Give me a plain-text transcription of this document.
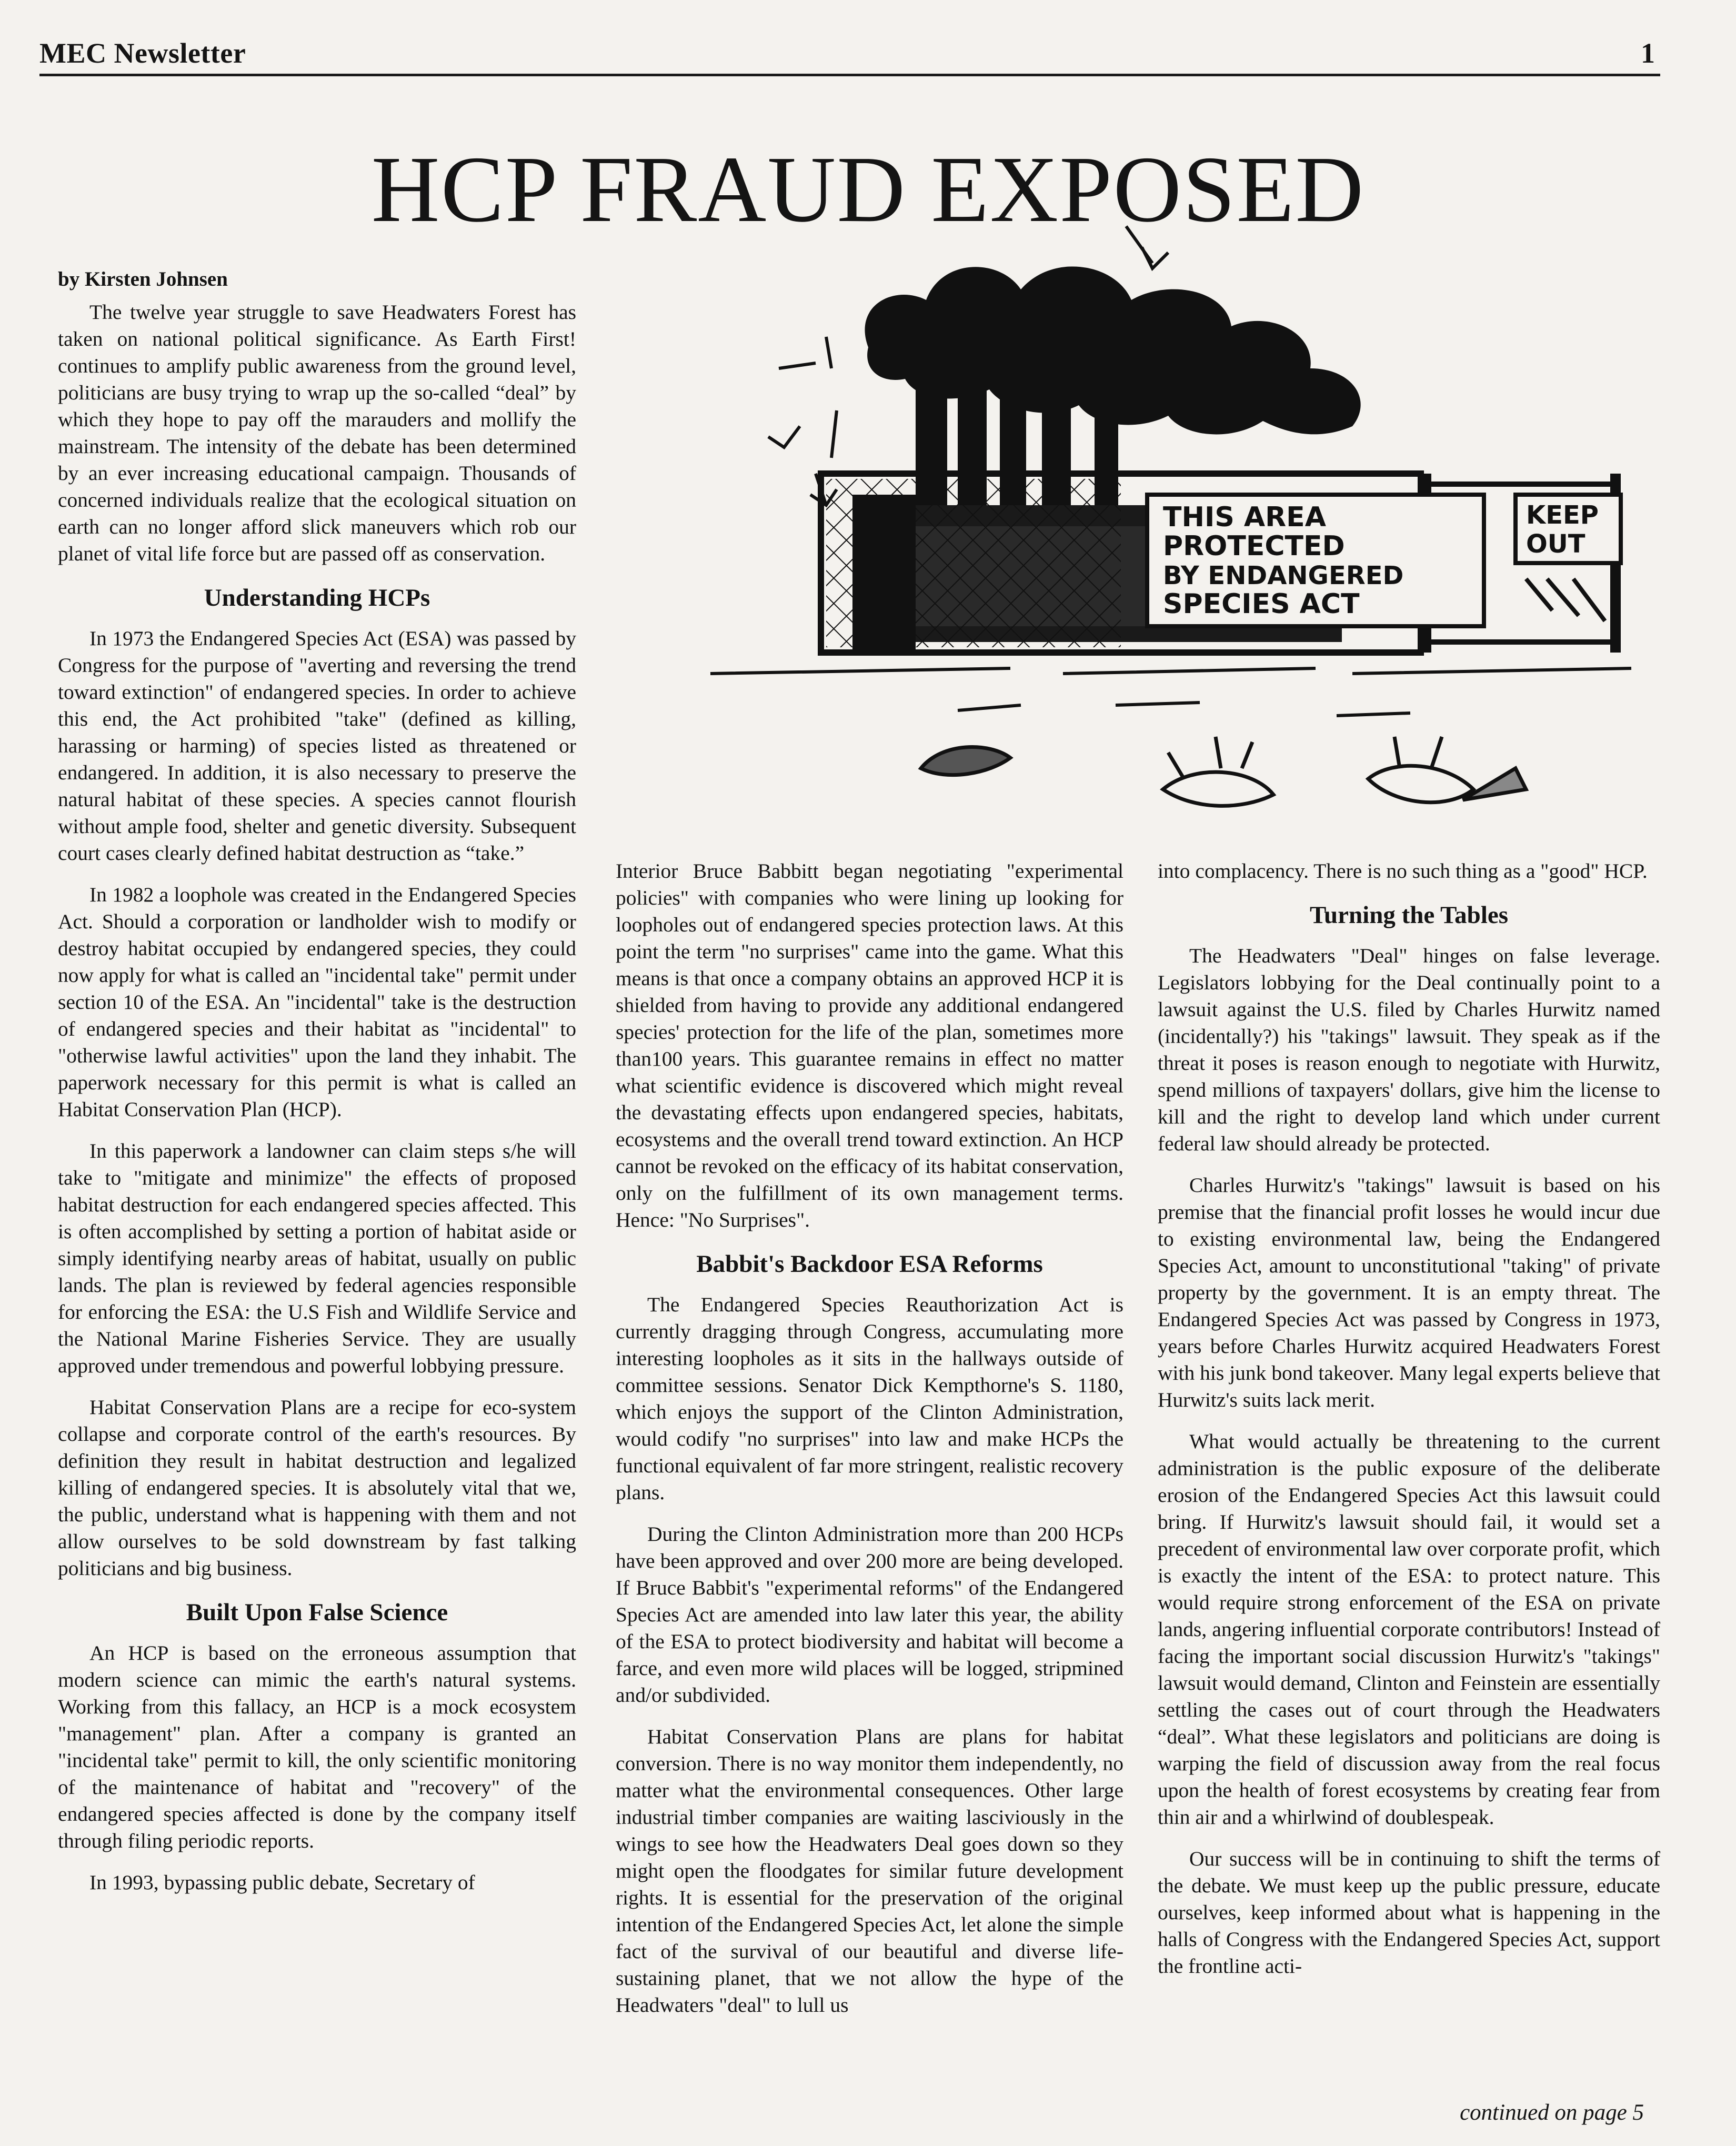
MEC Newsletter	1
HCP FRAUD EXPOSED
THIS AREA
PROTECTED
BY ENDANGERED
SPECIES ACT
KEEP
OUT
by Kirsten Johnsen

The twelve year struggle to save Headwaters Forest has taken on national political significance. As Earth First! continues to amplify public awareness from the ground level, politicians are busy trying to wrap up the so-called “deal” by which they hope to pay off the marauders and mollify the mainstream. The intensity of the debate has been determined by an ever increasing educational campaign. Thousands of concerned individuals realize that the ecological situation on earth can no longer afford slick maneuvers which rob our planet of vital life force but are passed off as conservation.

Understanding HCPs

In 1973 the Endangered Species Act (ESA) was passed by Congress for the purpose of "averting and reversing the trend toward extinction" of endangered species. In order to achieve this end, the Act prohibited "take" (defined as killing, harassing or harming) of species listed as threatened or endangered. In addition, it is also necessary to preserve the natural habitat of these species. A species cannot flourish without ample food, shelter and genetic diversity. Subsequent court cases clearly defined habitat destruction as “take.”

In 1982 a loophole was created in the Endangered Species Act. Should a corporation or landholder wish to modify or destroy habitat occupied by endangered species, they could now apply for what is called an "incidental take" permit under section 10 of the ESA. An "incidental" take is the destruction of endangered species and their habitat as "incidental" to "otherwise lawful activities" upon the land they inhabit. The paperwork necessary for this permit is what is called an Habitat Conservation Plan (HCP).

In this paperwork a landowner can claim steps s/he will take to "mitigate and minimize" the effects of proposed habitat destruction for each endangered species affected. This is often accomplished by setting a portion of habitat aside or simply identifying nearby areas of habitat, usually on public lands. The plan is reviewed by federal agencies responsible for enforcing the ESA: the U.S Fish and Wildlife Service and the National Marine Fisheries Service. They are usually approved under tremendous and powerful lobbying pressure.

Habitat Conservation Plans are a recipe for eco-system collapse and corporate control of the earth's resources. By definition they result in habitat destruction and legalized killing of endangered species. It is absolutely vital that we, the public, understand what is happening with them and not allow ourselves to be sold downstream by fast talking politicians and big business.

Built Upon False Science

An HCP is based on the erroneous assumption that modern science can mimic the earth's natural systems. Working from this fallacy, an HCP is a mock ecosystem "management" plan. After a company is granted an "incidental take" permit to kill, the only scientific monitoring of the maintenance of habitat and "recovery" of the endangered species affected is done by the company itself through filing periodic reports.

In 1993, bypassing public debate, Secretary of

Interior Bruce Babbitt began negotiating "experimental policies" with companies who were lining up looking for loopholes out of endangered species protection laws. At this point the term "no surprises" came into the game. What this means is that once a company obtains an approved HCP it is shielded from having to provide any additional endangered species' protection for the life of the plan, sometimes more than100 years. This guarantee remains in effect no matter what scientific evidence is discovered which might reveal the devastating effects upon endangered species, habitats, ecosystems and the overall trend toward extinction. An HCP cannot be revoked on the efficacy of its habitat conservation, only on the fulfillment of its own management terms. Hence: "No Surprises".

Babbit's Backdoor ESA Reforms

The Endangered Species Reauthorization Act is currently dragging through Congress, accumulating more interesting loopholes as it sits in the hallways outside of committee sessions. Senator Dick Kempthorne's S. 1180, which enjoys the support of the Clinton Administration, would codify "no surprises" into law and make HCPs the functional equivalent of far more stringent, realistic recovery plans.

During the Clinton Administration more than 200 HCPs have been approved and over 200 more are being developed. If Bruce Babbit's "experimental reforms" of the Endangered Species Act are amended into law later this year, the ability of the ESA to protect biodiversity and habitat will become a farce, and even more wild places will be logged, stripmined and/or subdivided.

Habitat Conservation Plans are plans for habitat conversion. There is no way monitor them independently, no matter what the environmental consequences. Other large industrial timber companies are waiting lasciviously in the wings to see how the Headwaters Deal goes down so they might open the floodgates for similar future development rights. It is essential for the preservation of the original intention of the Endangered Species Act, let alone the simple fact of the survival of our beautiful and diverse life-sustaining planet, that we not allow the hype of the Headwaters "deal" to lull us

into complacency. There is no such thing as a "good" HCP.

Turning the Tables

The Headwaters "Deal" hinges on false leverage. Legislators lobbying for the Deal continually point to a lawsuit against the U.S. filed by Charles Hurwitz named (incidentally?) his "takings" lawsuit. They speak as if the threat it poses is reason enough to negotiate with Hurwitz, spend millions of taxpayers' dollars, give him the license to kill and the right to develop land which under current federal law should already be protected.

Charles Hurwitz's "takings" lawsuit is based on his premise that the financial profit losses he would incur due to existing environmental law, being the Endangered Species Act, amount to unconstitutional "taking" of private property by the government. It is an empty threat. The Endangered Species Act was passed by Congress in 1973, years before Charles Hurwitz acquired Headwaters Forest with his junk bond takeover. Many legal experts believe that Hurwitz's suits lack merit.

What would actually be threatening to the current administration is the public exposure of the deliberate erosion of the Endangered Species Act this lawsuit could bring. If Hurwitz's lawsuit should fail, it would set a precedent of environmental law over corporate profit, which is exactly the intent of the ESA: to protect nature. This would require strong enforcement of the ESA on private lands, angering influential corporate contributors! Instead of facing the important social discussion Hurwitz's "takings" lawsuit would demand, Clinton and Feinstein are essentially settling the cases out of court through the Headwaters “deal”. What these legislators and politicians are doing is warping the field of discussion away from the real focus upon the health of forest ecosystems by creating fear from thin air and a whirlwind of doublespeak.

Our success will be in continuing to shift the terms of the debate. We must keep up the public pressure, educate ourselves, keep informed about what is happening in the halls of Congress with the Endangered Species Act, support the frontline acti-

continued on page 5
